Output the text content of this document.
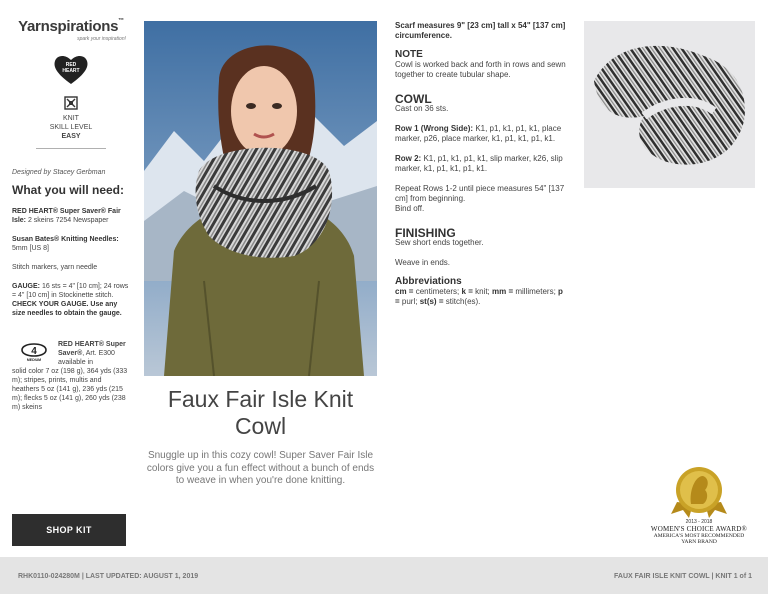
Yarnspirations™
spark your inspiration!
RED
HEART
KNIT
SKILL LEVEL
EASY
Designed by Stacey Gerbman
What you will need:
RED HEART® Super Saver® Fair Isle: 2 skeins 7254 Newspaper
Susan Bates® Knitting Needles: 5mm [US 8]
Stitch markers, yarn needle
GAUGE: 16 sts = 4" [10 cm]; 24 rows = 4" [10 cm] in Stockinette stitch. CHECK YOUR GAUGE. Use any size needles to obtain the gauge.
4
MEDIUM
RED HEART® Super Saver®, Art. E300 available in
solid color 7 oz (198 g), 364 yds (333 m); stripes, prints, multis and heathers 5 oz (141 g), 236 yds (215 m); flecks 5 oz (141 g), 260 yds (238 m) skeins
SHOP KIT
Faux Fair Isle Knit Cowl
Snuggle up in this cozy cowl! Super Saver Fair Isle colors give you a fun effect without a bunch of ends to weave in when you're done knitting.
Scarf measures 9" [23 cm] tall x 54" [137 cm] circumference.
NOTE
Cowl is worked back and forth in rows and sewn together to create tubular shape.
COWL
Cast on 36 sts.

Row 1 (Wrong Side): K1, p1, k1, p1, k1, place marker, p26, place marker, k1, p1, k1, p1, k1.

Row 2: K1, p1, k1, p1, k1, slip marker, k26, slip marker, k1, p1, k1, p1, k1.

Repeat Rows 1-2 until piece measures 54" [137 cm] from beginning.

Bind off.

FINISHING
Sew short ends together.

Weave in ends.

Abbreviations
cm = centimeters; k = knit; mm = millimeters; p = purl; st(s) = stitch(es).
2013 - 2018
WOMEN'S CHOICE AWARD®
AMERICA'S MOST RECOMMENDED
YARN BRAND
RHK0110-024280M | LAST UPDATED: AUGUST 1, 2019	FAUX FAIR ISLE KNIT COWL | KNIT 1 of 1
